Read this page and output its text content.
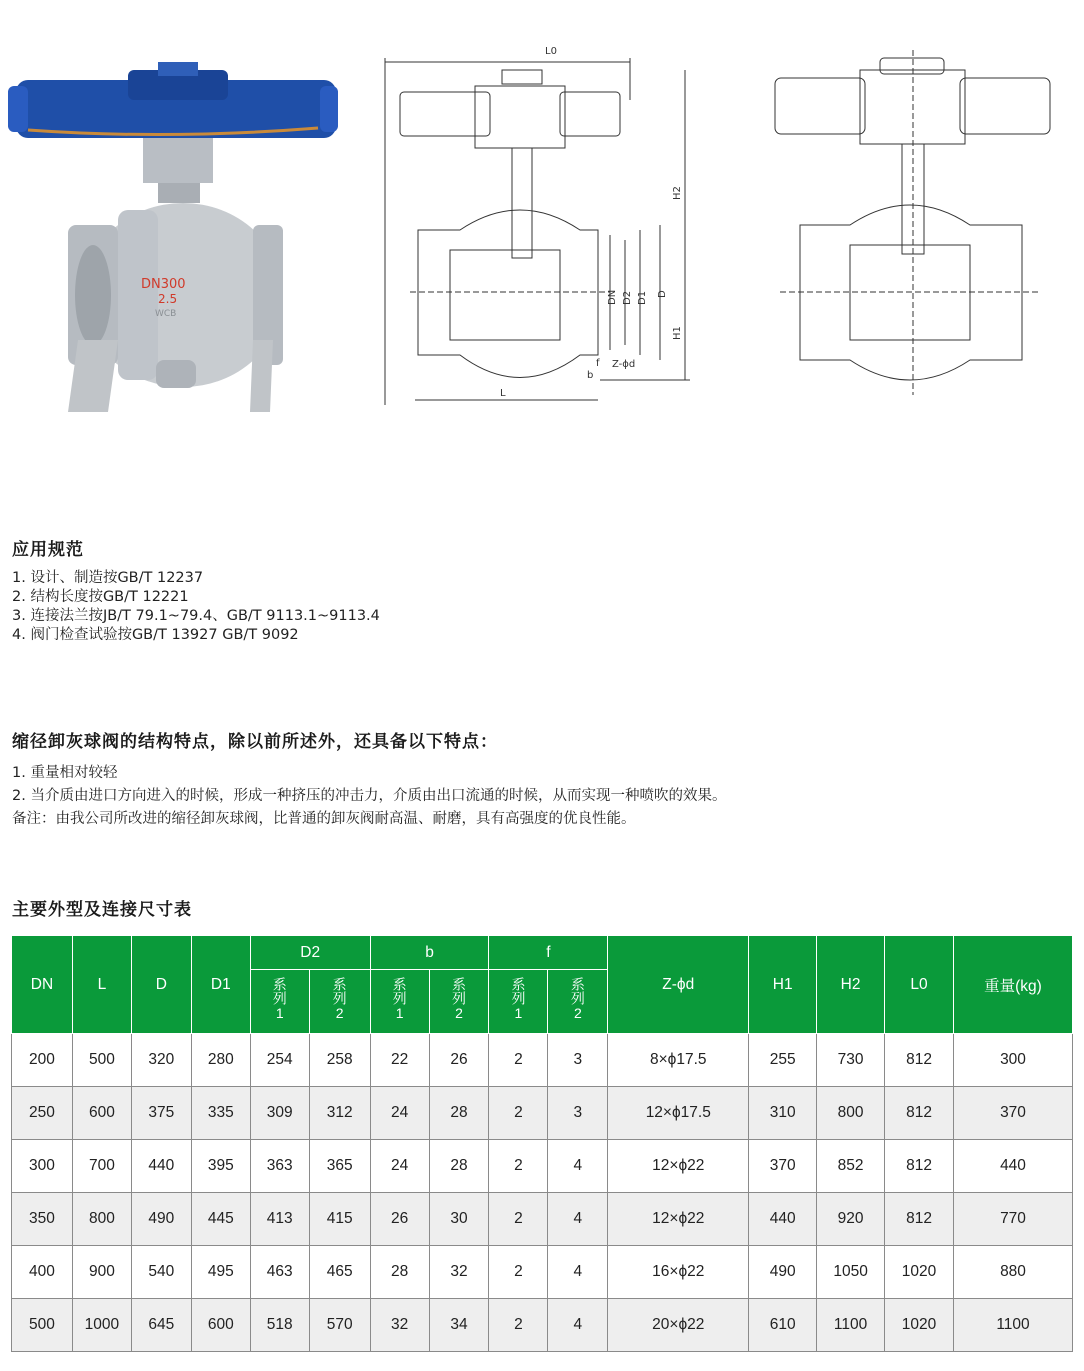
DN300
2.5
WCB
L0
H2
DN D2 D1 D
H1
f
b
Z-ϕd
L
应用规范
1. 设计、制造按GB/T 12237
2. 结构长度按GB/T 12221
3. 连接法兰按JB/T 79.1~79.4、GB/T 9113.1~9113.4
4. 阀门检查试验按GB/T 13927 GB/T 9092
缩径卸灰球阀的结构特点，除以前所述外，还具备以下特点：
1. 重量相对较轻
2. 当介质由进口方向进入的时候，形成一种挤压的冲击力，介质由出口流通的时候，从而实现一种喷吹的效果。
备注：由我公司所改进的缩径卸灰球阀，比普通的卸灰阀耐高温、耐磨，具有高强度的优良性能。
主要外型及连接尺寸表
DN	L	D	D1	D2		b		f		Z-ϕd	H1	H2	L0	重量(kg)
				系列1	系列2	系列1	系列2	系列1	系列2					
200	500	320	280	254	258	22	26	2	3	8×ϕ17.5	255	730	812	300
250	600	375	335	309	312	24	28	2	3	12×ϕ17.5	310	800	812	370
300	700	440	395	363	365	24	28	2	4	12×ϕ22	370	852	812	440
350	800	490	445	413	415	26	30	2	4	12×ϕ22	440	920	812	770
400	900	540	495	463	465	28	32	2	4	16×ϕ22	490	1050	1020	880
500	1000	645	600	518	570	32	34	2	4	20×ϕ22	610	1100	1020	1100
